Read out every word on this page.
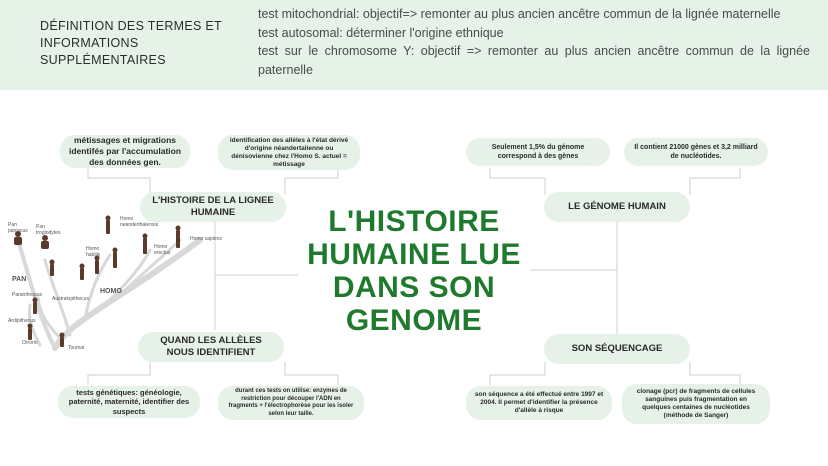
DÉFINITION DES TERMES ET INFORMATIONS SUPPLÉMENTAIRES
test mitochondrial: objectif=> remonter au plus ancien ancêtre commun de la lignée maternelle
test autosomal: déterminer l'origine ethnique
test sur le chromosome Y: objectif => remonter au plus ancien ancêtre commun de la lignée paternelle
PAN
HOMO
Pan paniscus
Pan troglodytes
Homo sapiens
Homo neanderthalensis
Homo erectus
Homo habilis
Australopithecus
Paranthropus
Ardipithecus
Orrorin
Toumaï
métissages et migrations identifés par l'accumulation des données gen.
identification des allèles à l'état dérivé d'origine néandertalienne ou dénisovienne chez l'Homo S. actuel = métissage
L'HISTOIRE DE LA LIGNEE HUMAINE	L'HISTOIRE HUMAINE LUE DANS SON GENOME
QUAND LES ALLÈLES NOUS IDENTIFIENT
tests génétiques: généologie, paternité, maternité, identifier des suspects
durant ces tests on utilise: enzymes de restriction pour découper l'ADN en fragments + l'électrophorèse pour les isoler selon leur taille.
Seulement 1,5% du génome correspond à des gènes
Il contient 21000 gènes et 3,2 milliard de nucléotides.
LE GÉNOME HUMAIN
SON SÉQUENCAGE
son séquence a été effectué entre 1997 et 2004. Il permet d'identifier la présence d'allèle à risque
clonage (pcr) de fragments de cellules sanguines puis fragmentation en quelques centaines de nucléotides (méthode de Sanger)
